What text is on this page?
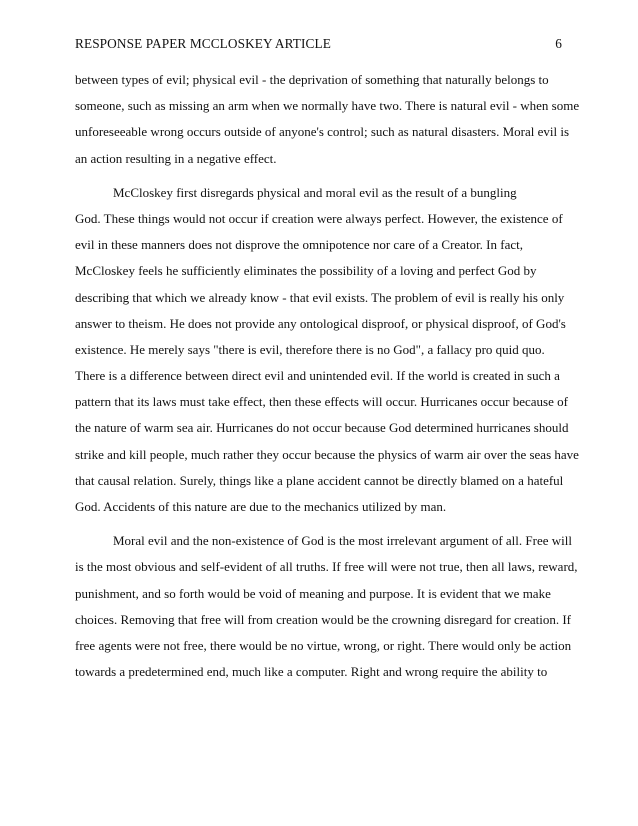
RESPONSE PAPER MCCLOSKEY ARTICLE	6
between types of evil; physical evil - the deprivation of something that naturally belongs to
someone, such as missing an arm when we normally have two. There is natural evil - when some
unforeseeable wrong occurs outside of anyone's control; such as natural disasters. Moral evil is
an action resulting in a negative effect.
McCloskey first disregards physical and moral evil as the result of a bungling
God. These things would not occur if creation were always perfect. However, the existence of
evil in these manners does not disprove the omnipotence nor care of a Creator. In fact,
McCloskey feels he sufficiently eliminates the possibility of a loving and perfect God by
describing that which we already know - that evil exists. The problem of evil is really his only
answer to theism. He does not provide any ontological disproof, or physical disproof, of God's
existence. He merely says "there is evil, therefore there is no God", a fallacy pro quid quo.
There is a difference between direct evil and unintended evil. If the world is created in such a
pattern that its laws must take effect, then these effects will occur. Hurricanes occur because of
the nature of warm sea air. Hurricanes do not occur because God determined hurricanes should
strike and kill people, much rather they occur because the physics of warm air over the seas have
that causal relation. Surely, things like a plane accident cannot be directly blamed on a hateful
God. Accidents of this nature are due to the mechanics utilized by man.
Moral evil and the non-existence of God is the most irrelevant argument of all. Free will
is the most obvious and self-evident of all truths. If free will were not true, then all laws, reward,
punishment, and so forth would be void of meaning and purpose. It is evident that we make
choices. Removing that free will from creation would be the crowning disregard for creation. If
free agents were not free, there would be no virtue, wrong, or right. There would only be action
towards a predetermined end, much like a computer. Right and wrong require the ability to
